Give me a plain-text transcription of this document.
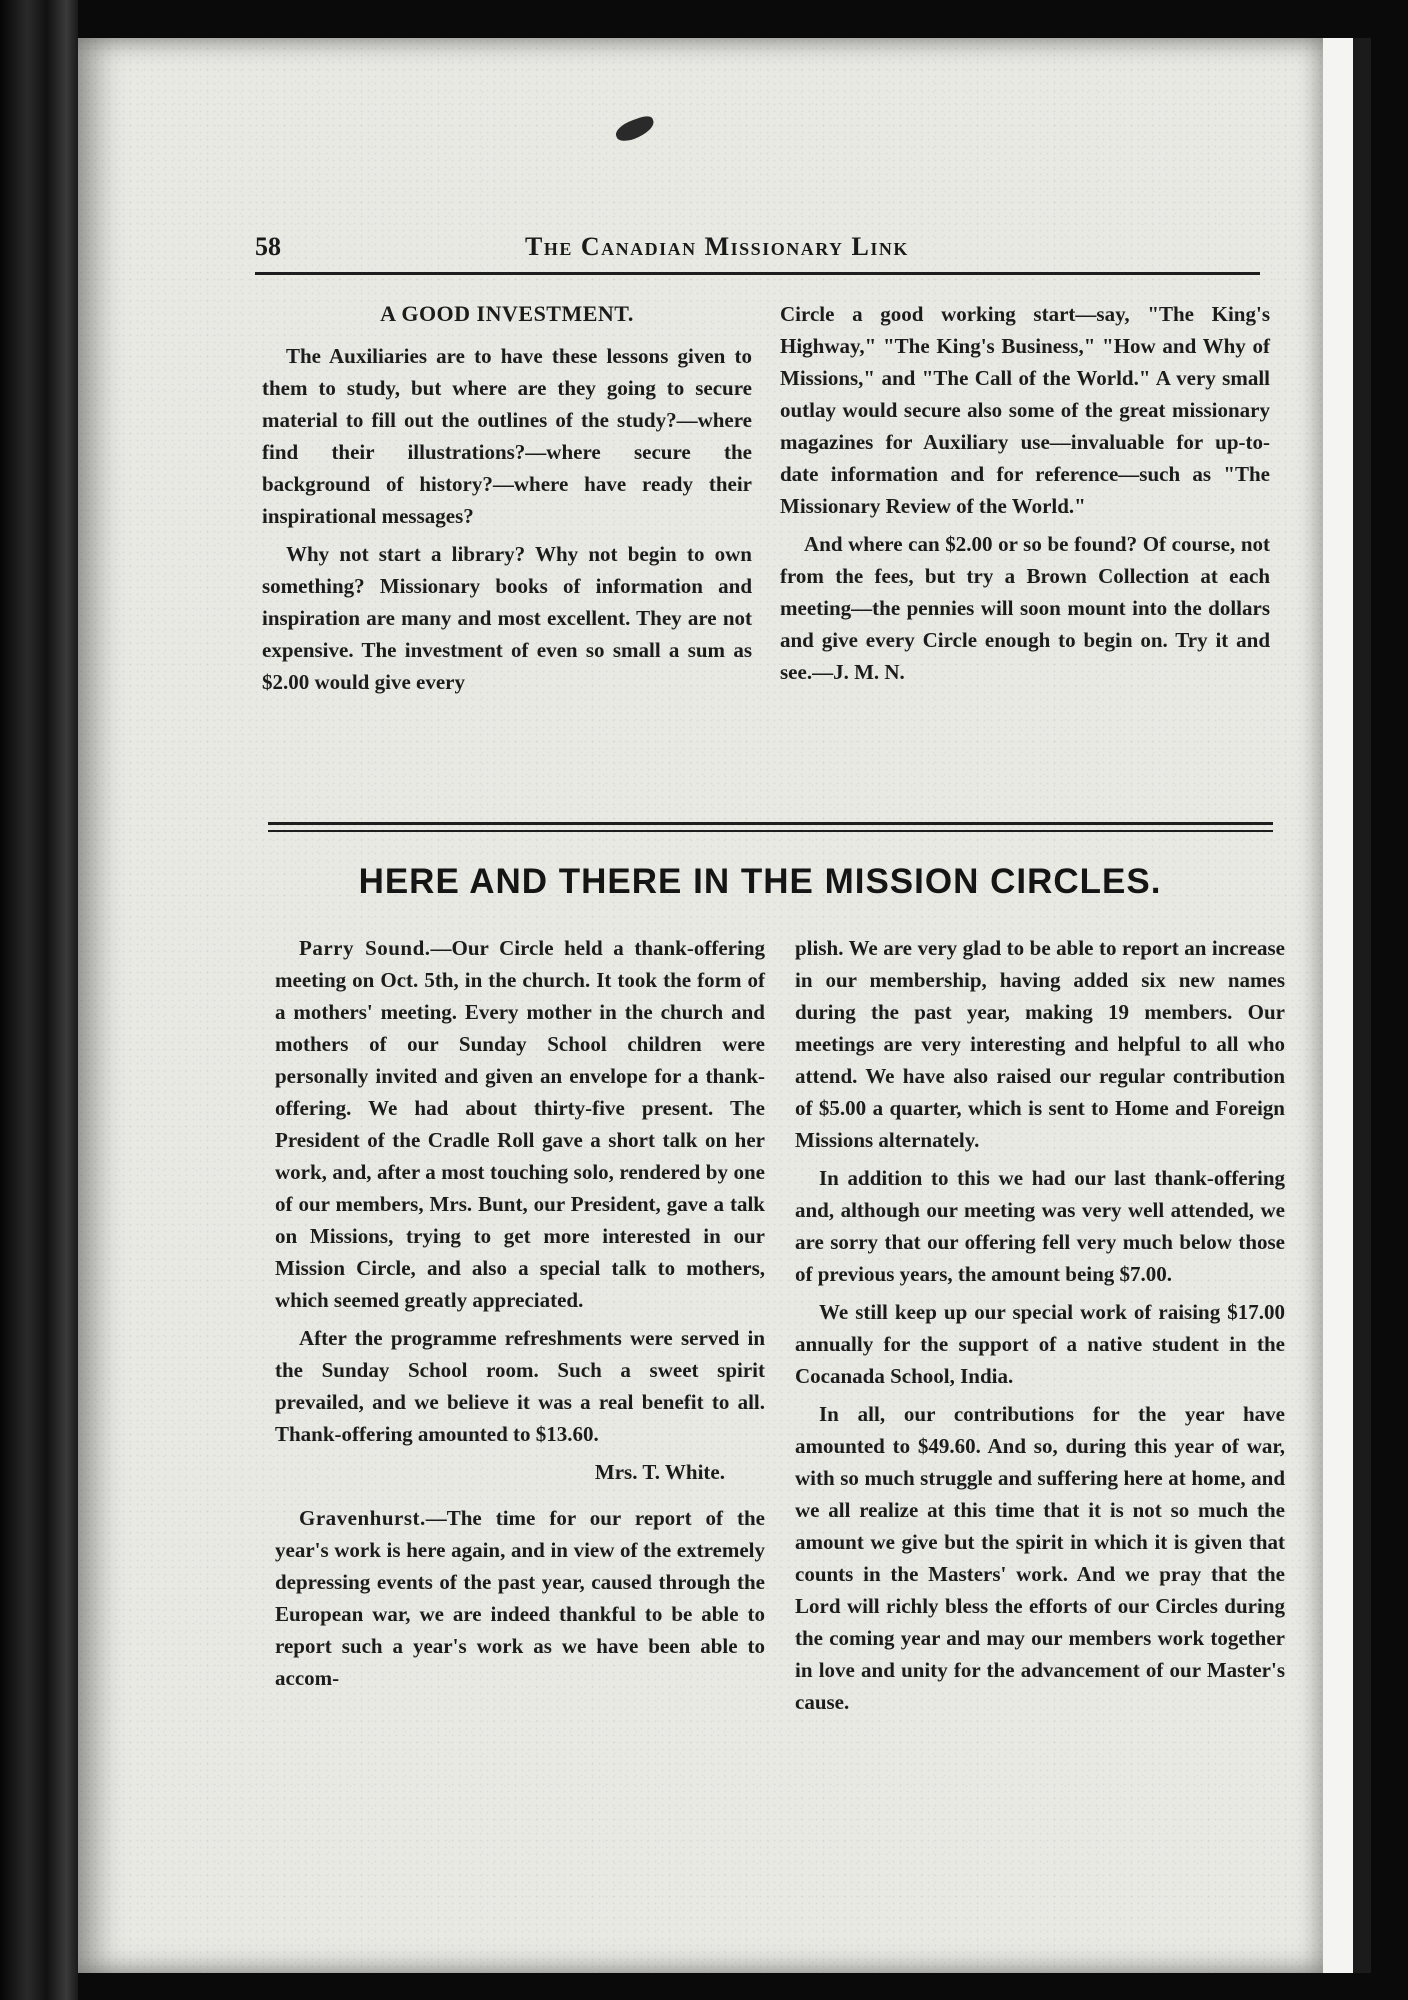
58	The Canadian Missionary Link
A GOOD INVESTMENT.

The Auxiliaries are to have these lessons given to them to study, but where are they going to secure material to fill out the outlines of the study?—where find their illustrations?—where secure the background of history?—where have ready their inspirational messages?

Why not start a library? Why not begin to own something? Missionary books of information and inspiration are many and most excellent. They are not expensive. The investment of even so small a sum as $2.00 would give every

Circle a good working start—say, "The King's Highway," "The King's Business," "How and Why of Missions," and "The Call of the World." A very small outlay would secure also some of the great missionary magazines for Auxiliary use—invaluable for up-to-date information and for reference—such as "The Missionary Review of the World."

And where can $2.00 or so be found? Of course, not from the fees, but try a Brown Collection at each meeting—the pennies will soon mount into the dollars and give every Circle enough to begin on. Try it and see.—J. M. N.

HERE AND THERE IN THE MISSION CIRCLES.

Parry Sound.—Our Circle held a thank-offering meeting on Oct. 5th, in the church. It took the form of a mothers' meeting. Every mother in the church and mothers of our Sunday School children were personally invited and given an envelope for a thank-offering. We had about thirty-five present. The President of the Cradle Roll gave a short talk on her work, and, after a most touching solo, rendered by one of our members, Mrs. Bunt, our President, gave a talk on Missions, trying to get more interested in our Mission Circle, and also a special talk to mothers, which seemed greatly appreciated.

After the programme refreshments were served in the Sunday School room. Such a sweet spirit prevailed, and we believe it was a real benefit to all. Thank-offering amounted to $13.60.

Mrs. T. White.

Gravenhurst.—The time for our report of the year's work is here again, and in view of the extremely depressing events of the past year, caused through the European war, we are indeed thankful to be able to report such a year's work as we have been able to accom-

plish. We are very glad to be able to report an increase in our membership, having added six new names during the past year, making 19 members. Our meetings are very interesting and helpful to all who attend. We have also raised our regular contribution of $5.00 a quarter, which is sent to Home and Foreign Missions alternately.

In addition to this we had our last thank-offering and, although our meeting was very well attended, we are sorry that our offering fell very much below those of previous years, the amount being $7.00.

We still keep up our special work of raising $17.00 annually for the support of a native student in the Cocanada School, India.

In all, our contributions for the year have amounted to $49.60. And so, during this year of war, with so much struggle and suffering here at home, and we all realize at this time that it is not so much the amount we give but the spirit in which it is given that counts in the Masters' work. And we pray that the Lord will richly bless the efforts of our Circles during the coming year and may our members work together in love and unity for the advancement of our Master's cause.
